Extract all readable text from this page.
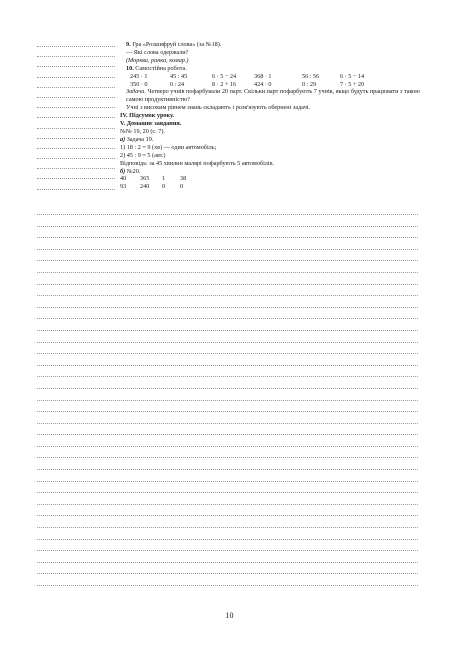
9. Гра «Розшифруй слова» (за №18).

— Які слова одержали?

(Морква, ранка, комар.)

10. Самостійна робота.

245 · 1	45 : 45	6 · 5 − 24	368 · 1	56 : 56	6 · 5 − 14
350 · 0	0 : 24	8 · 2 + 16	424 · 0	0 : 29	7 · 5 + 20

Задача. Четверо учнів пофарбували 20 парт. Скільки парт пофарбують 7 учнів, якщо будуть працювати з такою самою продуктивністю?

Учні з високим рівнем знань складають і розв'язують обернені задачі.

IV. Підсумок уроку.

V. Домашнє завдання.

№№ 19, 20 (с. 7).

а) Задача 19.

1) 18 : 2 = 9 (хв) — один автомобіль;

2) 45 : 9 = 5 (авт.)

Відповідь: за 45 хвилин малярі пофарбують 5 автомобілів.

б) №20.

40	365	1	38
93	240	0	0
10
